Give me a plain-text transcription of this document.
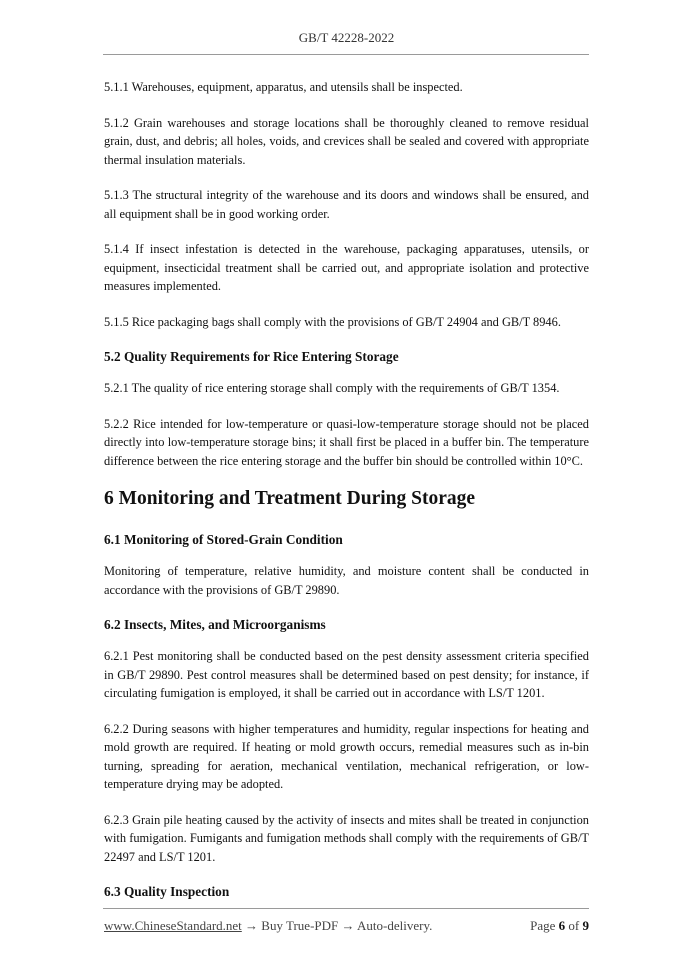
GB/T 42228-2022

5.1.1 Warehouses, equipment, apparatus, and utensils shall be inspected.

5.1.2 Grain warehouses and storage locations shall be thoroughly cleaned to remove residual grain, dust, and debris; all holes, voids, and crevices shall be sealed and covered with appropriate thermal insulation materials.

5.1.3 The structural integrity of the warehouse and its doors and windows shall be ensured, and all equipment shall be in good working order.

5.1.4 If insect infestation is detected in the warehouse, packaging apparatuses, utensils, or equipment, insecticidal treatment shall be carried out, and appropriate isolation and protective measures implemented.

5.1.5 Rice packaging bags shall comply with the provisions of GB/T 24904 and GB/T 8946.

5.2 Quality Requirements for Rice Entering Storage

5.2.1 The quality of rice entering storage shall comply with the requirements of GB/T 1354.

5.2.2 Rice intended for low-temperature or quasi-low-temperature storage should not be placed directly into low-temperature storage bins; it shall first be placed in a buffer bin. The temperature difference between the rice entering storage and the buffer bin should be controlled within 10°C.

6 Monitoring and Treatment During Storage
6.1 Monitoring of Stored-Grain Condition

Monitoring of temperature, relative humidity, and moisture content shall be conducted in accordance with the provisions of GB/T 29890.

6.2 Insects, Mites, and Microorganisms

6.2.1 Pest monitoring shall be conducted based on the pest density assessment criteria specified in GB/T 29890. Pest control measures shall be determined based on pest density; for instance, if circulating fumigation is employed, it shall be carried out in accordance with LS/T 1201.

6.2.2 During seasons with higher temperatures and humidity, regular inspections for heating and mold growth are required. If heating or mold growth occurs, remedial measures such as in-bin turning, spreading for aeration, mechanical ventilation, mechanical refrigeration, or low-temperature drying may be adopted.

6.2.3 Grain pile heating caused by the activity of insects and mites shall be treated in conjunction with fumigation. Fumigants and fumigation methods shall comply with the requirements of GB/T 22497 and LS/T 1201.

6.3 Quality Inspection
www.ChineseStandard.net → Buy True-PDF → Auto-delivery.	Page 6 of 9
